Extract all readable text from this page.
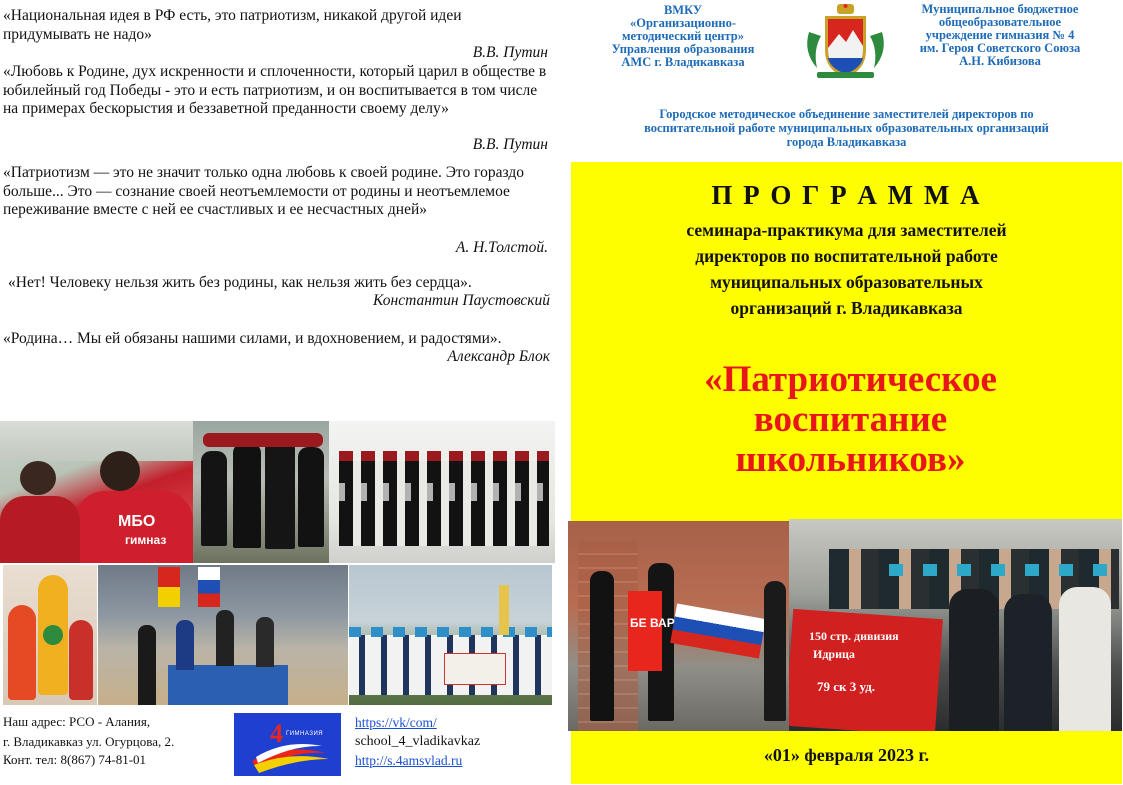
«Национальная идея в РФ есть, это патриотизм, никакой другой идеи придумывать не надо»
В.В. Путин
«Любовь к Родине, дух искренности и сплоченности, который царил в обществе в юбилейный год Победы - это и есть патриотизм, и он воспитывается в том числе на примерах бескорыстия и беззаветной преданности своему делу»
В.В. Путин
«Патриотизм — это не значит только одна любовь к своей родине. Это гораздо больше... Это — сознание своей неотъемлемости от родины и неотъемлемое переживание вместе с ней ее счастливых и ее несчастных дней»
А. Н.Толстой.
«Нет! Человеку нельзя жить без родины, как нельзя жить без сердца».
Константин Паустовский
«Родина… Мы ей обязаны нашими силами, и вдохновением, и радостями».
Александр Блок
МБО
гимназ
Наш адрес: РСО - Алания,
г. Владикавказ ул. Огурцова, 2.
Конт. тел: 8(867) 74-81-01
4 ГИМНАЗИЯ
https://vk/com/
school_4_vladikavkaz
http://s.4amsvlad.ru
ВМКУ
«Организационно-
методический центр»
Управления образования
АМС г. Владикавказа
Муниципальное бюджетное
общеобразовательное
учреждение гимназия № 4
им. Героя Советского Союза
А.Н. Кибизова
Городское методическое объединение заместителей директоров по
воспитательной работе муниципальных образовательных организаций
города Владикавказа
П Р О Г Р А М М А
семинара-практикума для заместителей
директоров по воспитательной работе
муниципальных образовательных
организаций г. Владикавказа
«Патриотическое
воспитание
школьников»
БЕ ВАР
150 стр. дивизия
Идрица
79 ск 3 уд.
«01» февраля 2023 г.
